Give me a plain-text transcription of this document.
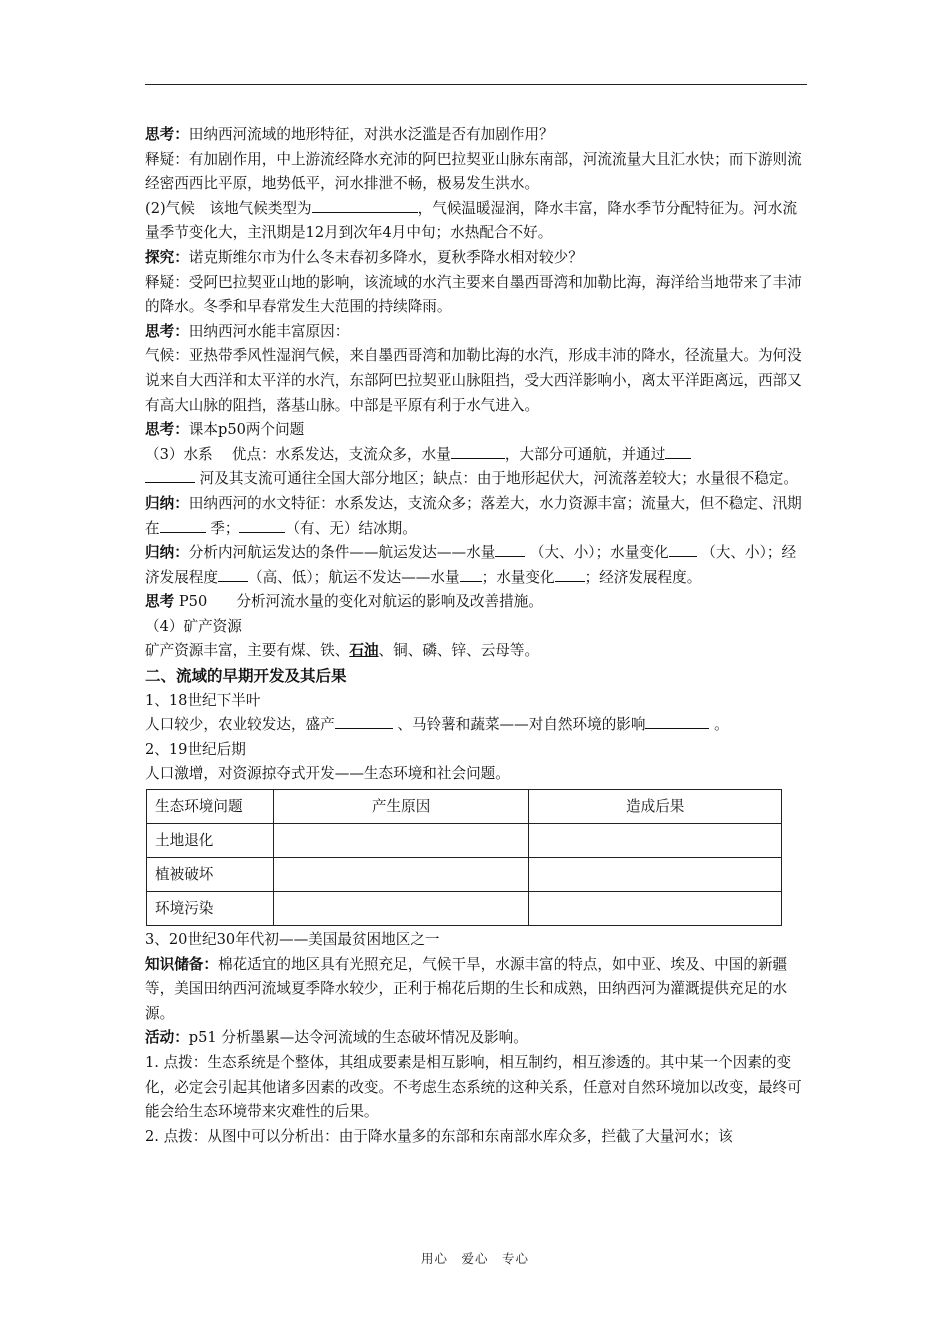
思考：田纳西河流域的地形特征，对洪水泛滥是否有加剧作用？

释疑：有加剧作用，中上游流经降水充沛的阿巴拉契亚山脉东南部，河流流量大且汇水快；而下游则流经密西西比平原，地势低平，河水排泄不畅，极易发生洪水。

(2)气候　该地气候类型为	，气候温暖湿润，降水丰富，降水季节分配特征为。河水流量季节变化大，主汛期是12月到次年4月中旬；水热配合不好。

探究：诺克斯维尔市为什么冬末春初多降水，夏秋季降水相对较少？

释疑：受阿巴拉契亚山地的影响，该流域的水汽主要来自墨西哥湾和加勒比海，海洋给当地带来了丰沛的降水。冬季和早春常发生大范围的持续降雨。

思考：田纳西河水能丰富原因：

气候：亚热带季风性湿润气候，来自墨西哥湾和加勒比海的水汽，形成丰沛的降水，径流量大。为何没说来自大西洋和太平洋的水汽，东部阿巴拉契亚山脉阻挡，受大西洋影响小，离太平洋距离远，西部又有高大山脉的阻挡，落基山脉。中部是平原有利于水气进入。

思考：课本p50两个问题

（3）水系　 优点：水系发达，支流众多，水量	，大部分可通航，并通过
河及其支流可通往全国大部分地区；缺点：由于地形起伏大，河流落差较大；水量很不稳定。

归纳：田纳西河的水文特征：水系发达，支流众多；落差大，水力资源丰富；流量大，但不稳定、汛期在	季；	（有、无）结冰期。

归纳：分析内河航运发达的条件——航运发达——水量 （大、小）；水量变化 （大、小）；经济发展程度 （高、低）；航运不发达——水量 ；水量变化 ；经济发展程度。

思考 P50　　分析河流水量的变化对航运的影响及改善措施。

（4）矿产资源

矿产资源丰富，主要有煤、铁、石油、铜、磷、锌、云母等。

二、流域的早期开发及其后果

1、18世纪下半叶

人口较少，农业较发达，盛产	、马铃薯和蔬菜——对自然环境的影响	。

2、19世纪后期

人口激增，对资源掠夺式开发——生态环境和社会问题。

生态环境问题	产生原因	造成后果
土地退化		
植被破坏		
环境污染		

3、20世纪30年代初——美国最贫困地区之一

知识储备：棉花适宜的地区具有光照充足，气候干旱，水源丰富的特点，如中亚、埃及、中国的新疆等，美国田纳西河流域夏季降水较少，正利于棉花后期的生长和成熟，田纳西河为灌溉提供充足的水源。

活动：p51 分析墨累—达令河流域的生态破坏情况及影响。

1. 点拨：生态系统是个整体，其组成要素是相互影响，相互制约，相互渗透的。其中某一个因素的变化，必定会引起其他诸多因素的改变。不考虑生态系统的这种关系，任意对自然环境加以改变，最终可能会给生态环境带来灾难性的后果。

2. 点拨：从图中可以分析出：由于降水量多的东部和东南部水库众多，拦截了大量河水；该

用心　爱心　专心
